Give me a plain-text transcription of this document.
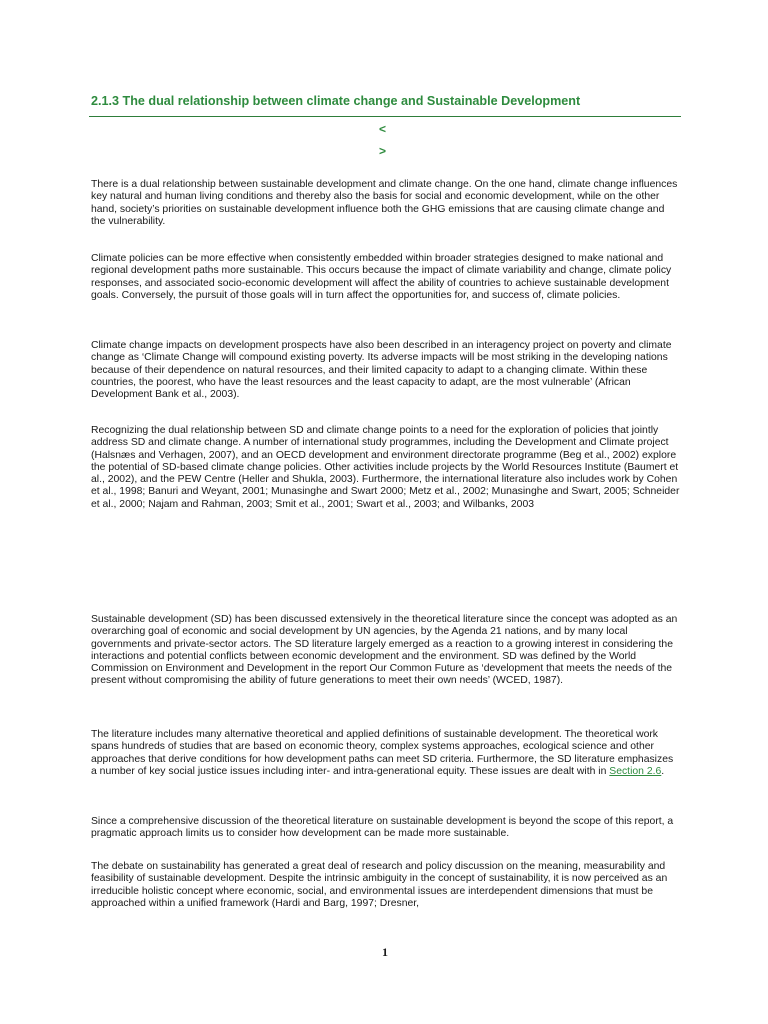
2.1.3 The dual relationship between climate change and Sustainable Development
<
>

There is a dual relationship between sustainable development and climate change. On the one hand, climate change influences key natural and human living conditions and thereby also the basis for social and economic development, while on the other hand, society’s priorities on sustainable development influence both the GHG emissions that are causing climate change and the vulnerability.

Climate policies can be more effective when consistently embedded within broader strategies designed to make national and regional development paths more sustainable. This occurs because the impact of climate variability and change, climate policy responses, and associated socio-economic development will affect the ability of countries to achieve sustainable development goals. Conversely, the pursuit of those goals will in turn affect the opportunities for, and success of, climate policies.

Climate change impacts on development prospects have also been described in an interagency project on poverty and climate change as ‘Climate Change will compound existing poverty. Its adverse impacts will be most striking in the developing nations because of their dependence on natural resources, and their limited capacity to adapt to a changing climate. Within these countries, the poorest, who have the least resources and the least capacity to adapt, are the most vulnerable’ (African Development Bank et al., 2003).

Recognizing the dual relationship between SD and climate change points to a need for the exploration of policies that jointly address SD and climate change. A number of international study programmes, including the Development and Climate project (Halsnæs and Verhagen, 2007), and an OECD development and environment directorate programme (Beg et al., 2002) explore the potential of SD-based climate change policies. Other activities include projects by the World Resources Institute (Baumert et al., 2002), and the PEW Centre (Heller and Shukla, 2003). Furthermore, the international literature also includes work by Cohen et al., 1998; Banuri and Weyant, 2001; Munasinghe and Swart 2000; Metz et al., 2002; Munasinghe and Swart, 2005; Schneider et al., 2000; Najam and Rahman, 2003; Smit et al., 2001; Swart et al., 2003; and Wilbanks, 2003

Sustainable development (SD) has been discussed extensively in the theoretical literature since the concept was adopted as an overarching goal of economic and social development by UN agencies, by the Agenda 21 nations, and by many local governments and private-sector actors. The SD literature largely emerged as a reaction to a growing interest in considering the interactions and potential conflicts between economic development and the environment. SD was defined by the World Commission on Environment and Development in the report Our Common Future as ‘development that meets the needs of the present without compromising the ability of future generations to meet their own needs’ (WCED, 1987).

The literature includes many alternative theoretical and applied definitions of sustainable development. The theoretical work spans hundreds of studies that are based on economic theory, complex systems approaches, ecological science and other approaches that derive conditions for how development paths can meet SD criteria. Furthermore, the SD literature emphasizes a number of key social justice issues including inter- and intra-generational equity. These issues are dealt with in Section 2.6.

Since a comprehensive discussion of the theoretical literature on sustainable development is beyond the scope of this report, a pragmatic approach limits us to consider how development can be made more sustainable.

The debate on sustainability has generated a great deal of research and policy discussion on the meaning, measurability and feasibility of sustainable development. Despite the intrinsic ambiguity in the concept of sustainability, it is now perceived as an irreducible holistic concept where economic, social, and environmental issues are interdependent dimensions that must be approached within a unified framework (Hardi and Barg, 1997; Dresner,

1
